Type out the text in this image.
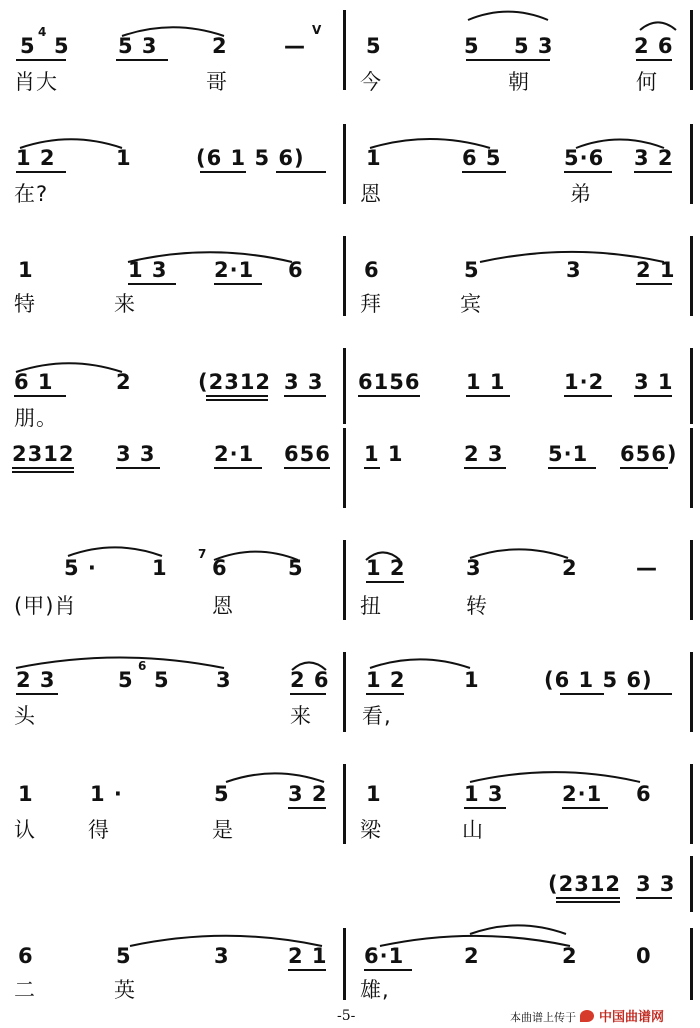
5
4
5 5 3	2	—
V
5	5 5 3	2 6
肖大	哥	今	朝	何
1 2	1	(6 1 5 6)	1	6 5	5·6 3 2
在?	恩	弟
1	1 3 2·1 6	6	5	3	2 1
特	来	拜	宾
6 1	2	(2312 3 3 6156 1 1	1·2 3 1
朋。
2312 3 3	2·1 656 1 1	2 3 5·1 656)
5 ·	1
7
6	5	1 2	3	2	—
(甲)肖	恩	扭	转
2 3	5
6
5 3	2 6 1 2	1	(6 1 5 6)
头	来 看,
1	1 ·	5	3 2 1	1 3	2·1 6
认 得	是	梁	山
(2312 3 3
6	5	3	2 1 6·1	2	2	0
二	英	雄,
-5-	本曲谱上传于 中国曲谱网
